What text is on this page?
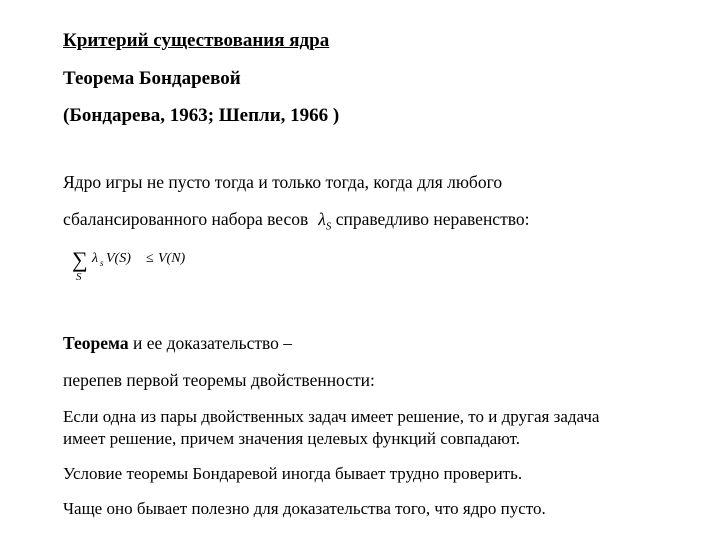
Критерий существования ядра
Теорема Бондаревой
(Бондарева, 1963; Шепли, 1966 )
Ядро игры не пусто тогда и только тогда, когда для любого
сбалансированного набора весов $\lambda_S$ справедливо неравенство:
∑
S
λ s V(S) ≤ V(N)
Теорема и ее доказательство –
перепев первой теоремы двойственности:
Если одна из пары двойственных задач имеет решение, то и другая задача
имеет решение, причем значения целевых функций совпадают.
Условие теоремы Бондаревой иногда бывает трудно проверить.
Чаще оно бывает полезно для доказательства того, что ядро пусто.
